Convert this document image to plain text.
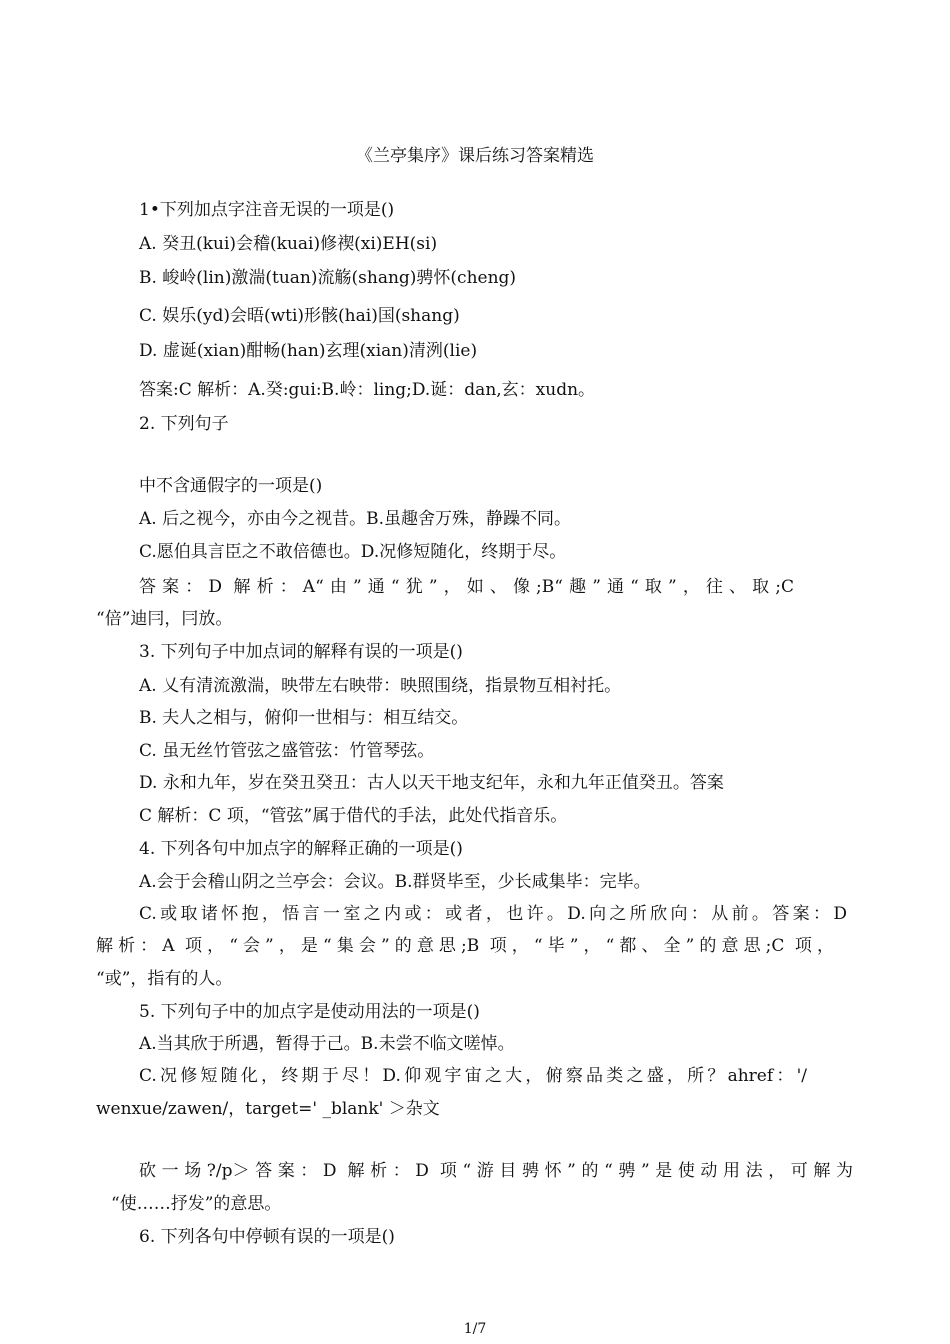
《兰亭集序》课后练习答案精选
1•下列加点字注音无误的一项是()
A. 癸丑(kui)会稽(kuai)修禊(xi)EH(si)
B. 峻岭(lin)激湍(tuan)流觞(shang)骋怀(cheng)
C. 娱乐(yd)会晤(wti)形骸(hai)国(shang)
D. 虚诞(xian)酣畅(han)玄理(xian)清洌(lie)
答案:C 解析：A.癸:gui:B.岭：ling;D.诞：dan,玄：xudn。
2. 下列句子
中不含通假字的一项是()
A. 后之视今，亦由今之视昔。B.虽趣舍万殊，静躁不同。
C.愿伯具言臣之不敢倍德也。D.况修短随化，终期于尽。
答案：D 解析：A“由”通“犹”，如、像;B“趣”通“取”，往、取;C
“倍”迪冃，冃放。
3. 下列句子中加点词的解释有误的一项是()
A. 乂有清流激湍，映带左右映带：映照围绕，指景物互相衬托。
B. 夫人之相与，俯仰一世相与：相互结交。
C. 虽无丝竹管弦之盛管弦：竹管琴弦。
D. 永和九年，岁在癸丑癸丑：古人以天干地支纪年，永和九年正值癸丑。答案
C 解析：C 项，“管弦”属于借代的手法，此处代指音乐。
4. 下列各句中加点字的解释正确的一项是()
A.会于会稽山阴之兰亭会：会议。B.群贤毕至，少长咸集毕：完毕。
C.或取诸怀抱，悟言一室之内或：或者，也许。D.向之所欣向：从前。答案：D
解析：A 项，“会”，是“集会”的意思;B 项，“毕”，“都、全”的意思;C 项，
“或”，指有的人。
5. 下列句子中的加点字是使动用法的一项是()
A.当其欣于所遇，暂得于己。B.未尝不临文嗟悼。
C.况修短随化，终期于尽！D.仰观宇宙之大，俯察品类之盛，所？ahref：'/
wenxue/zawen/，target=' _blank' ＞杂文
砍一场?/p＞答案：D 解析：D 项“游目骋怀”的“骋”是使动用法，可解为
“使……抒发”的意思。
6. 下列各句中停顿有误的一项是()
1/7
